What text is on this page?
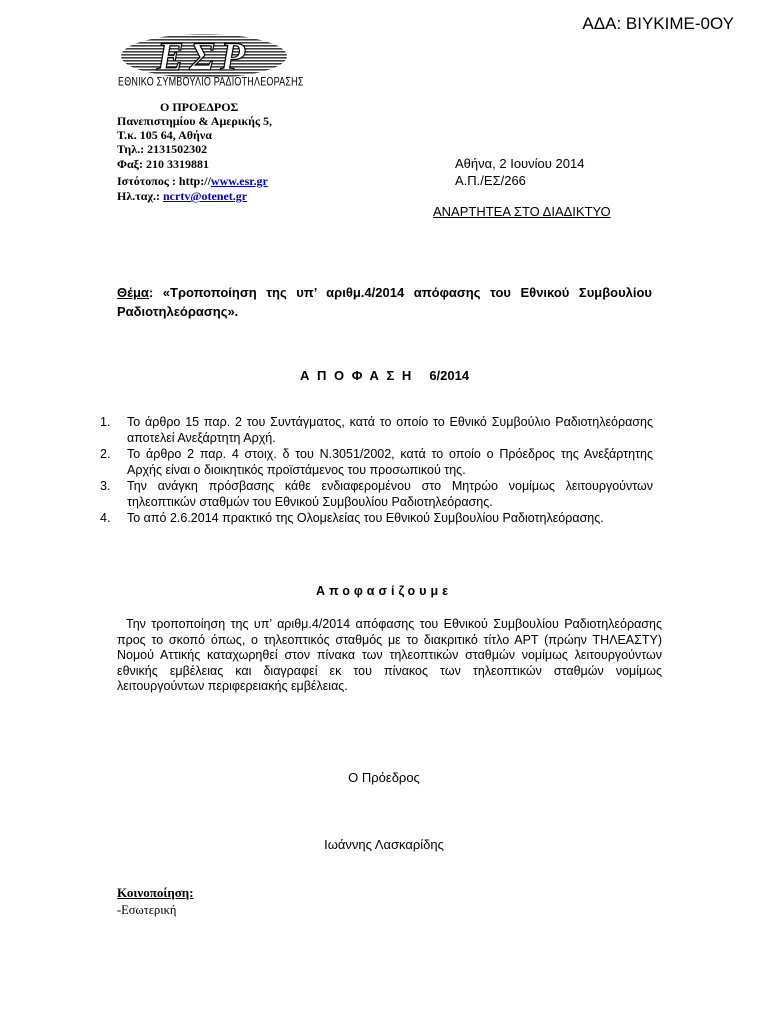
ΑΔΑ: ΒΙΥΚΙΜΕ-0ΟΥ
ΕΣΡ
ΕΘΝΙΚΟ ΣΥΜΒΟΥΛΙΟ ΡΑΔΙΟΤΗΛΕΟΡΑΣΗΣ
Ο ΠΡΟΕΔΡΟΣ
Πανεπιστημίου & Αμερικής 5,
Τ.κ. 105 64, Αθήνα
Τηλ.: 2131502302
Φαξ: 210 3319881
Ιστότοπος : http://www.esr.gr
Ηλ.ταχ.: ncrtv@otenet.gr
Αθήνα, 2 Ιουνίου 2014
Α.Π./ΕΣ/266
ΑΝΑΡΤΗΤΕΑ ΣΤΟ ΔΙΑΔΙΚΤΥΟ
Θέμα: «Τροποποίηση της υπ’ αριθμ.4/2014 απόφασης του Εθνικού Συμβουλίου Ραδιοτηλεόρασης».
Α Π Ο Φ Α Σ Η 6/2014
1. Το άρθρο 15 παρ. 2 του Συντάγματος, κατά το οποίο το Εθνικό Συμβούλιο Ραδιοτηλεόρασης αποτελεί Ανεξάρτητη Αρχή.
2. Το άρθρο 2 παρ. 4 στοιχ. δ του Ν.3051/2002, κατά το οποίο ο Πρόεδρος της Ανεξάρτητης Αρχής είναι ο διοικητικός προϊστάμενος του προσωπικού της.
3. Την ανάγκη πρόσβασης κάθε ενδιαφερομένου στο Μητρώο νομίμως λειτουργούντων τηλεοπτικών σταθμών του Εθνικού Συμβουλίου Ραδιοτηλεόρασης.
4. Το από 2.6.2014 πρακτικό της Ολομελείας του Εθνικού Συμβουλίου Ραδιοτηλεόρασης.
Αποφασίζουμε
Την τροποποίηση της υπ’ αριθμ.4/2014 απόφασης του Εθνικού Συμβουλίου Ραδιοτηλεόρασης προς το σκοπό όπως, ο τηλεοπτικός σταθμός με το διακριτικό τίτλο ΑΡΤ (πρώην ΤΗΛΕΑΣΤΥ) Νομού Αττικής καταχωρηθεί στον πίνακα των τηλεοπτικών σταθμών νομίμως λειτουργούντων εθνικής εμβέλειας και διαγραφεί εκ του πίνακος των τηλεοπτικών σταθμών νομίμως λειτουργούντων περιφερειακής εμβέλειας.
Ο Πρόεδρος
Ιωάννης Λασκαρίδης
Κοινοποίηση:
-Εσωτερική
